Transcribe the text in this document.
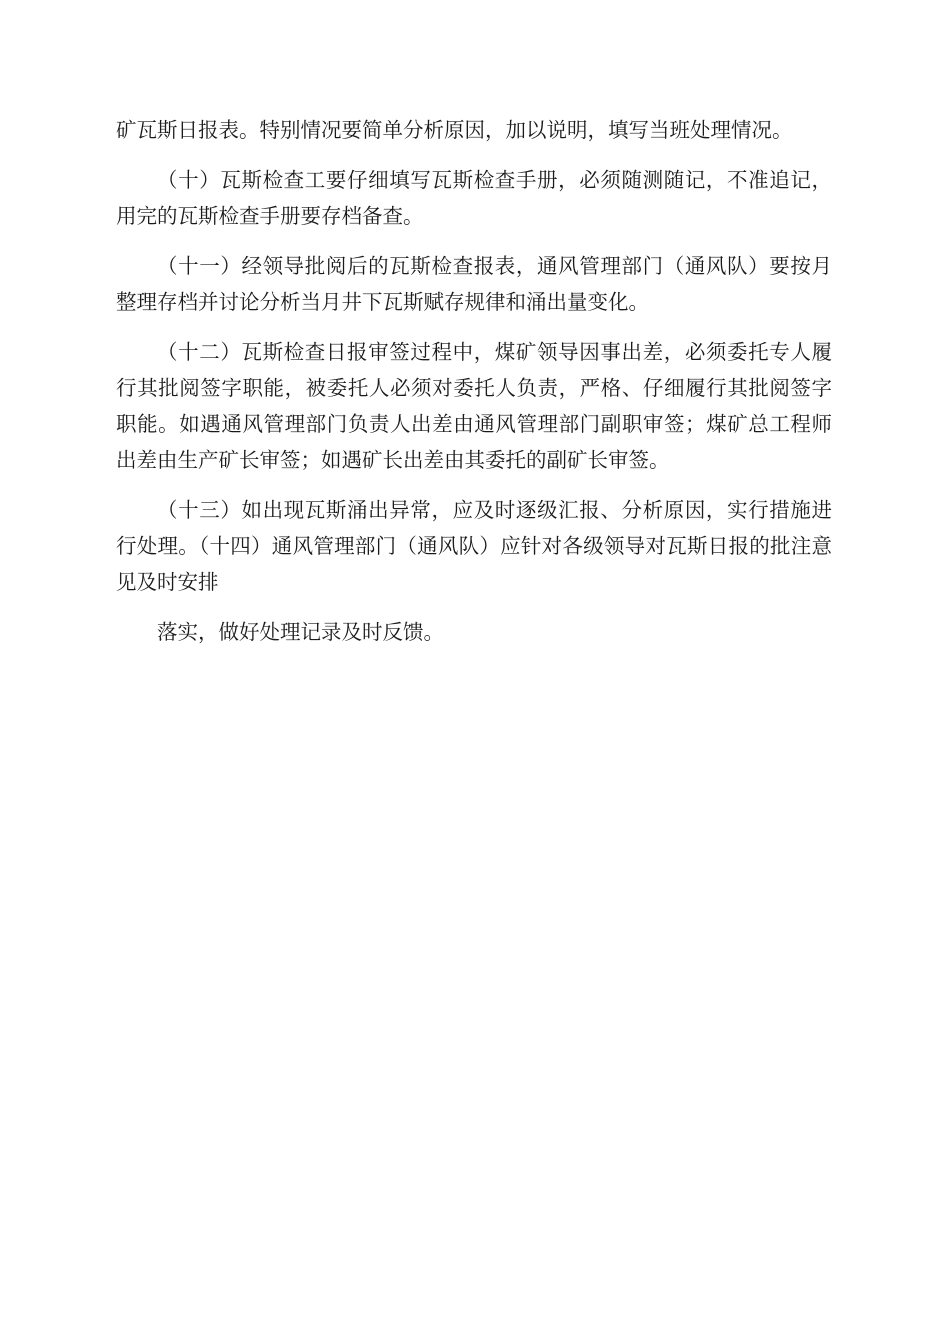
矿瓦斯日报表。特别情况要简单分析原因，加以说明，填写当班处理情况。

（十）瓦斯检查工要仔细填写瓦斯检查手册，必须随测随记，不准追记，用完的瓦斯检查手册要存档备查。

（十一）经领导批阅后的瓦斯检查报表，通风管理部门（通风队）要按月整理存档并讨论分析当月井下瓦斯赋存规律和涌出量变化。

（十二）瓦斯检查日报审签过程中，煤矿领导因事出差，必须委托专人履行其批阅签字职能，被委托人必须对委托人负责，严格、仔细履行其批阅签字职能。如遇通风管理部门负责人出差由通风管理部门副职审签；煤矿总工程师出差由生产矿长审签；如遇矿长出差由其委托的副矿长审签。

（十三）如出现瓦斯涌出异常，应及时逐级汇报、分析原因，实行措施进行处理。（十四）通风管理部门（通风队）应针对各级领导对瓦斯日报的批注意见及时安排

落实，做好处理记录及时反馈。
